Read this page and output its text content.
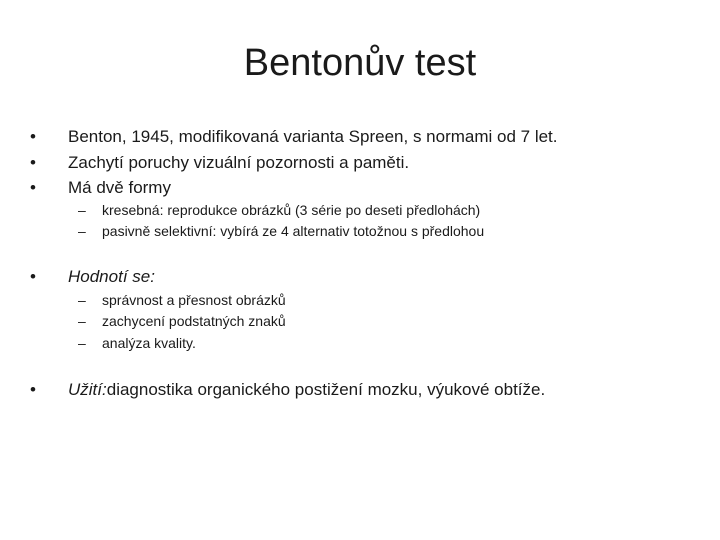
Bentonův test
• Benton, 1945, modifikovaná varianta Spreen, s normami od 7 let.
• Zachytí poruchy vizuální pozornosti a paměti.
• Má dvě formy
– kresebná: reprodukce obrázků (3 série po deseti předlohách)
– pasivně selektivní: vybírá ze 4 alternativ totožnou s předlohou
• Hodnotí se:
– správnost a přesnost obrázků
– zachycení podstatných znaků
– analýza kvality.
• Užití:diagnostika organického postižení mozku, výukové obtíže.
